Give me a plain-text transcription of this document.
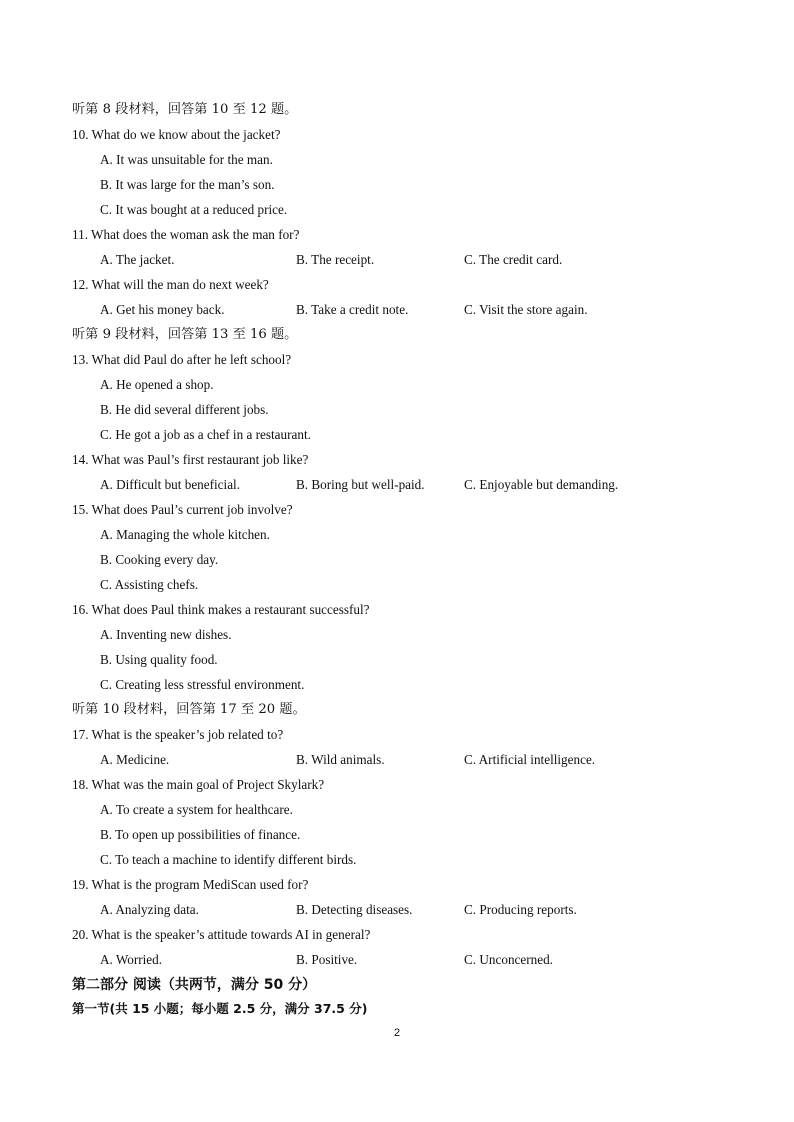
听第 8 段材料，回答第 10 至 12 题。
10. What do we know about the jacket?
A. It was unsuitable for the man.
B. It was large for the man’s son.
C. It was bought at a reduced price.
11. What does the woman ask the man for?
A. The jacket.	B. The receipt.	C. The credit card.
12. What will the man do next week?
A. Get his money back.	B. Take a credit note.	C. Visit the store again.
听第 9 段材料，回答第 13 至 16 题。
13. What did Paul do after he left school?
A. He opened a shop.
B. He did several different jobs.
C. He got a job as a chef in a restaurant.
14. What was Paul’s first restaurant job like?
A. Difficult but beneficial.	B. Boring but well-paid.	C. Enjoyable but demanding.
15. What does Paul’s current job involve?
A. Managing the whole kitchen.
B. Cooking every day.
C. Assisting chefs.
16. What does Paul think makes a restaurant successful?
A. Inventing new dishes.
B. Using quality food.
C. Creating less stressful environment.
听第 10 段材料，回答第 17 至 20 题。
17. What is the speaker’s job related to?
A. Medicine.	B. Wild animals.	C. Artificial intelligence.
18. What was the main goal of Project Skylark?
A. To create a system for healthcare.
B. To open up possibilities of finance.
C. To teach a machine to identify different birds.
19. What is the program MediScan used for?
A. Analyzing data.	B. Detecting diseases.	C. Producing reports.
20. What is the speaker’s attitude towards AI in general?
A. Worried.	B. Positive.	C. Unconcerned.
第二部分 阅读（共两节，满分 50 分）
第一节(共 15 小题；每小题 2.5 分，满分 37.5 分)
2
